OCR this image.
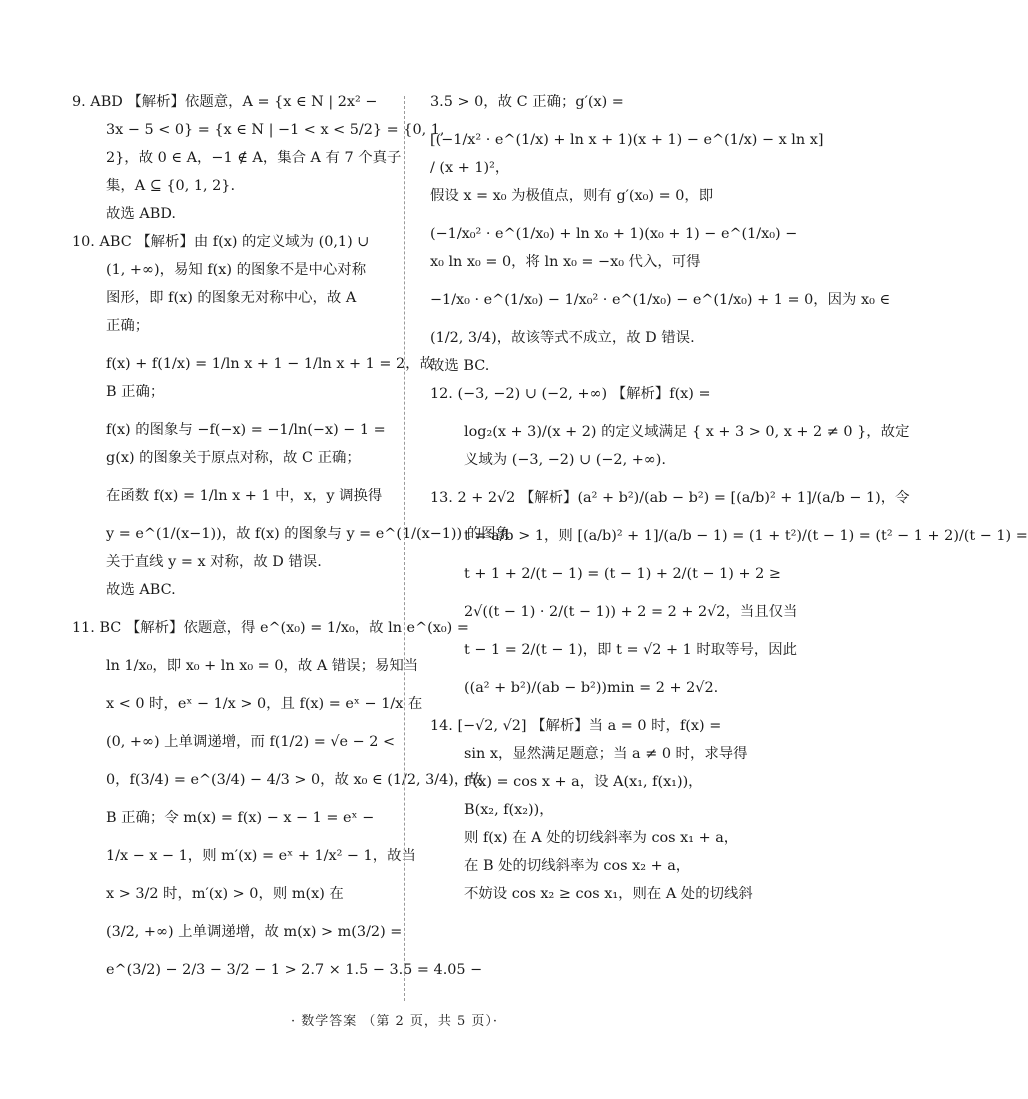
9. ABD 【解析】依题意，A = {x ∈ N | 2x² −
3x − 5 < 0} = {x ∈ N | −1 < x < 5/2} = {0, 1,
2}，故 0 ∈ A，−1 ∉ A，集合 A 有 7 个真子
集，A ⊆ {0, 1, 2}.
故选 ABD.
10. ABC 【解析】由 f(x) 的定义域为 (0,1) ∪
(1, +∞)，易知 f(x) 的图象不是中心对称
图形，即 f(x) 的图象无对称中心，故 A
正确；
f(x) + f(1/x) = 1/ln x + 1 − 1/ln x + 1 = 2，故
B 正确；
f(x) 的图象与 −f(−x) = −1/ln(−x) − 1 =
g(x) 的图象关于原点对称，故 C 正确；
在函数 f(x) = 1/ln x + 1 中，x，y 调换得
y = e^(1/(x−1))，故 f(x) 的图象与 y = e^(1/(x−1)) 的图象
关于直线 y = x 对称，故 D 错误.
故选 ABC.
11. BC 【解析】依题意，得 e^(x₀) = 1/x₀，故 ln e^(x₀) =
ln 1/x₀，即 x₀ + ln x₀ = 0，故 A 错误；易知当
x < 0 时，eˣ − 1/x > 0，且 f(x) = eˣ − 1/x 在
(0, +∞) 上单调递增，而 f(1/2) = √e − 2 <
0，f(3/4) = e^(3/4) − 4/3 > 0，故 x₀ ∈ (1/2, 3/4)，故
B 正确；令 m(x) = f(x) − x − 1 = eˣ −
1/x − x − 1，则 m′(x) = eˣ + 1/x² − 1，故当
x > 3/2 时，m′(x) > 0，则 m(x) 在
(3/2, +∞) 上单调递增，故 m(x) > m(3/2) =
e^(3/2) − 2/3 − 3/2 − 1 > 2.7 × 1.5 − 3.5 = 4.05 −
3.5 > 0，故 C 正确；g′(x) =
[(−1/x² · e^(1/x) + ln x + 1)(x + 1) − e^(1/x) − x ln x]
/ (x + 1)²，
假设 x = x₀ 为极值点，则有 g′(x₀) = 0，即
(−1/x₀² · e^(1/x₀) + ln x₀ + 1)(x₀ + 1) − e^(1/x₀) −
x₀ ln x₀ = 0，将 ln x₀ = −x₀ 代入，可得
−1/x₀ · e^(1/x₀) − 1/x₀² · e^(1/x₀) − e^(1/x₀) + 1 = 0，因为 x₀ ∈
(1/2, 3/4)，故该等式不成立，故 D 错误.
故选 BC.
12. (−3, −2) ∪ (−2, +∞) 【解析】f(x) =
log₂(x + 3)/(x + 2) 的定义域满足 { x + 3 > 0, x + 2 ≠ 0 }，故定
义域为 (−3, −2) ∪ (−2, +∞).
13. 2 + 2√2 【解析】(a² + b²)/(ab − b²) = [(a/b)² + 1]/(a/b − 1)，令
t = a/b > 1，则 [(a/b)² + 1]/(a/b − 1) = (1 + t²)/(t − 1) = (t² − 1 + 2)/(t − 1) =
t + 1 + 2/(t − 1) = (t − 1) + 2/(t − 1) + 2 ≥
2√((t − 1) · 2/(t − 1)) + 2 = 2 + 2√2，当且仅当
t − 1 = 2/(t − 1)，即 t = √2 + 1 时取等号，因此
((a² + b²)/(ab − b²))min = 2 + 2√2.
14. [−√2, √2] 【解析】当 a = 0 时，f(x) =
sin x，显然满足题意；当 a ≠ 0 时，求导得
f′(x) = cos x + a，设 A(x₁, f(x₁))，
B(x₂, f(x₂))，
则 f(x) 在 A 处的切线斜率为 cos x₁ + a，
在 B 处的切线斜率为 cos x₂ + a，
不妨设 cos x₂ ≥ cos x₁，则在 A 处的切线斜
· 数学答案 （第 2 页，共 5 页）·
